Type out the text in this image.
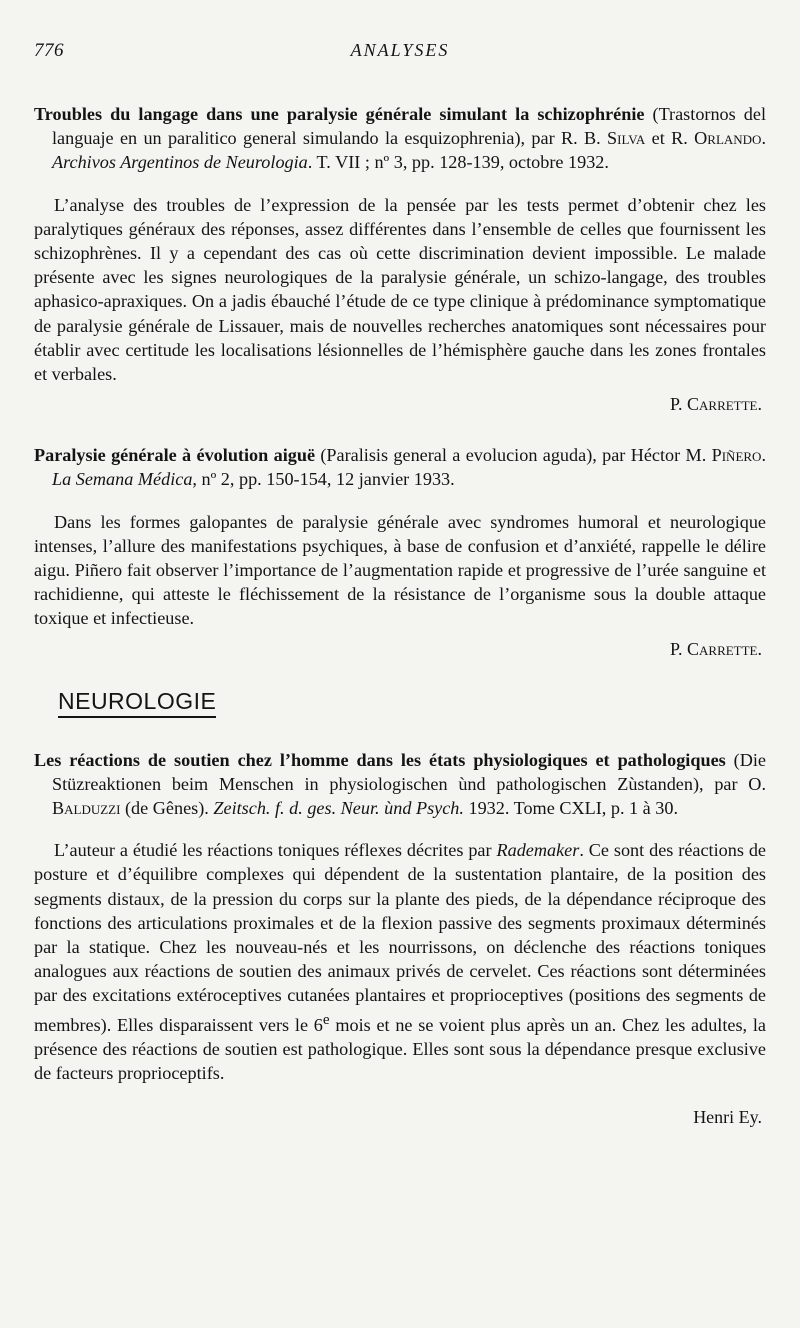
776	ANALYSES

Troubles du langage dans une paralysie générale simulant la schizophrénie (Trastornos del languaje en un paralitico general simulando la esquizophrenia), par R. B. Silva et R. Orlando. Archivos Argentinos de Neurologia. T. VII ; nº 3, pp. 128-139, octobre 1932.

L’analyse des troubles de l’expression de la pensée par les tests permet d’obtenir chez les paralytiques généraux des réponses, assez différentes dans l’ensemble de celles que fournissent les schizophrènes. Il y a cependant des cas où cette discrimination devient impossible. Le malade présente avec les signes neurologiques de la paralysie générale, un schizo-langage, des troubles aphasico-apraxiques. On a jadis ébauché l’étude de ce type clinique à prédominance symptomatique de paralysie générale de Lissauer, mais de nouvelles recherches anatomiques sont nécessaires pour établir avec certitude les localisations lésionnelles de l’hémisphère gauche dans les zones frontales et verbales.

P. Carrette.

Paralysie générale à évolution aiguë (Paralisis general a evolucion aguda), par Héctor M. Piñero. La Semana Médica, nº 2, pp. 150-154, 12 janvier 1933.

Dans les formes galopantes de paralysie générale avec syndromes humoral et neurologique intenses, l’allure des manifestations psychiques, à base de confusion et d’anxiété, rappelle le délire aigu. Piñero fait observer l’importance de l’augmentation rapide et progressive de l’urée sanguine et rachidienne, qui atteste le fléchissement de la résistance de l’organisme sous la double attaque toxique et infectieuse.

P. Carrette.
NEUROLOGIE

Les réactions de soutien chez l’homme dans les états physiologiques et pathologiques (Die Stüzreaktionen beim Menschen in physiologischen ùnd pathologischen Zùstanden), par O. Balduzzi (de Gênes). Zeitsch. f. d. ges. Neur. ùnd Psych. 1932. Tome CXLI, p. 1 à 30.

L’auteur a étudié les réactions toniques réflexes décrites par Rademaker. Ce sont des réactions de posture et d’équilibre complexes qui dépendent de la sustentation plantaire, de la position des segments distaux, de la pression du corps sur la plante des pieds, de la dépendance réciproque des fonctions des articulations proximales et de la flexion passive des segments proximaux déterminés par la statique. Chez les nouveau-nés et les nourrissons, on déclenche des réactions toniques analogues aux réactions de soutien des animaux privés de cervelet. Ces réactions sont déterminées par des excitations extéroceptives cutanées plantaires et proprioceptives (positions des segments de membres). Elles disparaissent vers le 6e mois et ne se voient plus après un an. Chez les adultes, la présence des réactions de soutien est pathologique. Elles sont sous la dépendance presque exclusive de facteurs proprioceptifs.

Henri Ey.
